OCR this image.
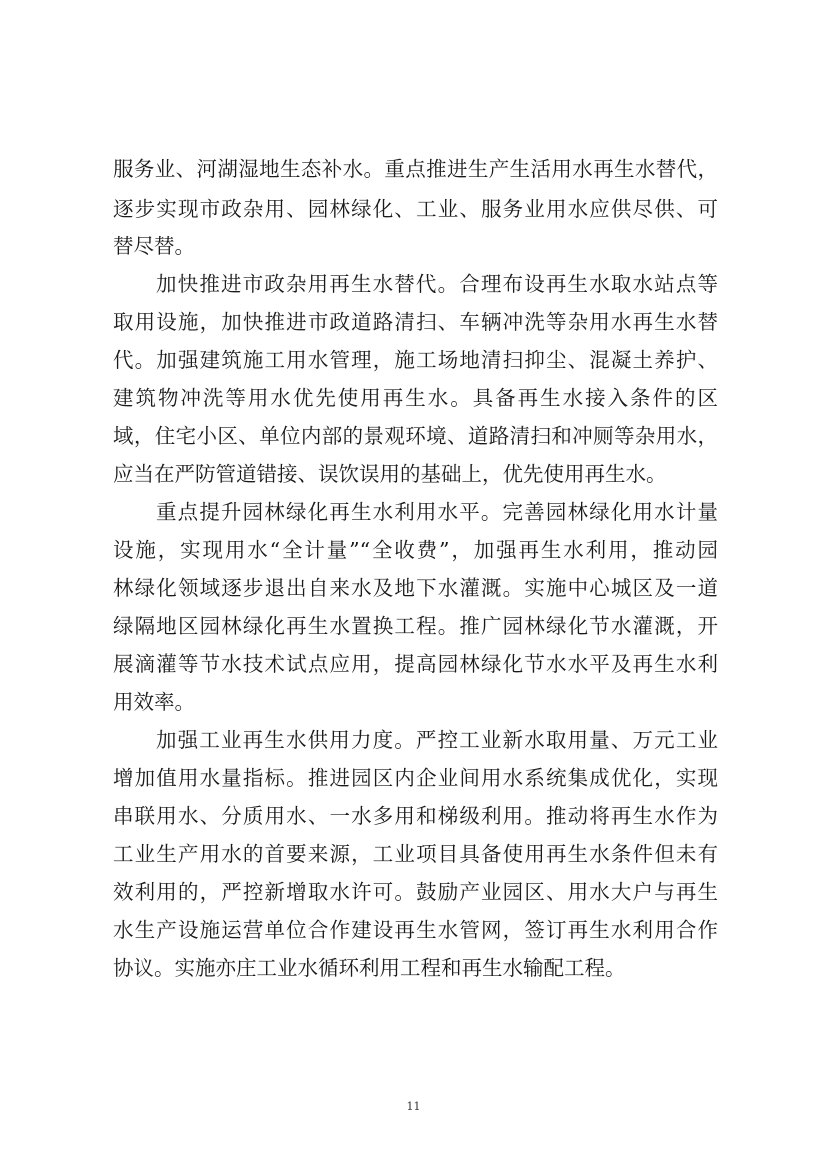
服务业、河湖湿地生态补水。重点推进生产生活用水再生水替代，
逐步实现市政杂用、园林绿化、工业、服务业用水应供尽供、可
替尽替。
加快推进市政杂用再生水替代。合理布设再生水取水站点等
取用设施，加快推进市政道路清扫、车辆冲洗等杂用水再生水替
代。加强建筑施工用水管理，施工场地清扫抑尘、混凝土养护、
建筑物冲洗等用水优先使用再生水。具备再生水接入条件的区
域，住宅小区、单位内部的景观环境、道路清扫和冲厕等杂用水，
应当在严防管道错接、误饮误用的基础上，优先使用再生水。
重点提升园林绿化再生水利用水平。完善园林绿化用水计量
设施，实现用水“全计量”“全收费”，加强再生水利用，推动园
林绿化领域逐步退出自来水及地下水灌溉。实施中心城区及一道
绿隔地区园林绿化再生水置换工程。推广园林绿化节水灌溉，开
展滴灌等节水技术试点应用，提高园林绿化节水水平及再生水利
用效率。
加强工业再生水供用力度。严控工业新水取用量、万元工业
增加值用水量指标。推进园区内企业间用水系统集成优化，实现
串联用水、分质用水、一水多用和梯级利用。推动将再生水作为
工业生产用水的首要来源，工业项目具备使用再生水条件但未有
效利用的，严控新增取水许可。鼓励产业园区、用水大户与再生
水生产设施运营单位合作建设再生水管网，签订再生水利用合作
协议。实施亦庄工业水循环利用工程和再生水输配工程。
11
